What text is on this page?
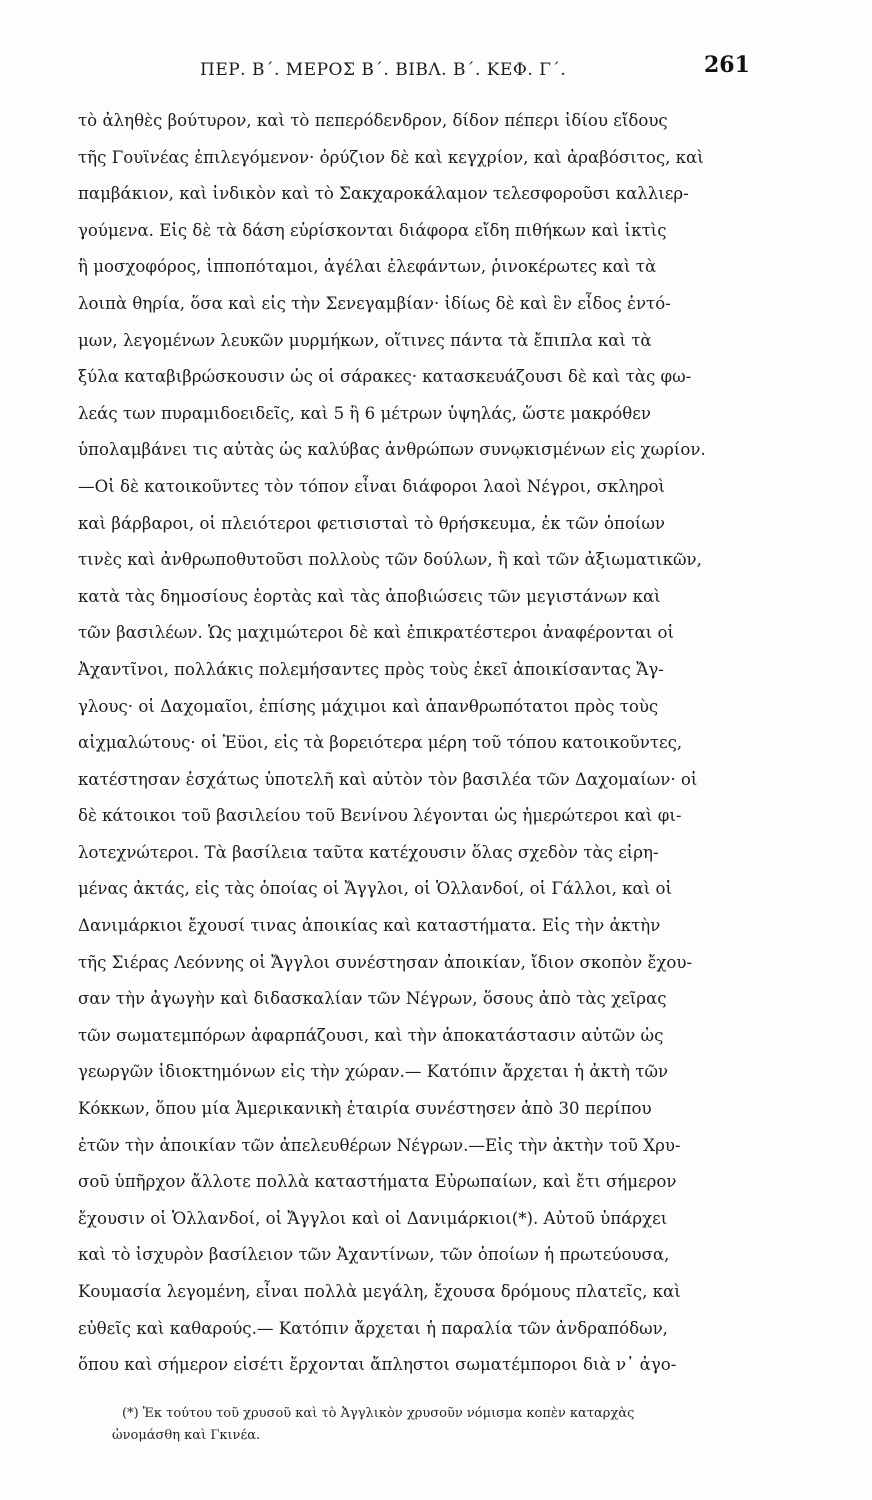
ΠΕΡ. Β΄. ΜΕΡΟΣ Β΄. ΒΙΒΛ. Β΄. ΚΕΦ. Γ΄.	261
τὸ ἀληθὲς βούτυρον, καὶ τὸ πεπερόδενδρον, δίδον πέπερι ἰδίου εἴδους
τῆς Γουϊνέας ἐπιλεγόμενον· ὀρύζιον δὲ καὶ κεγχρίον, καὶ ἀραβόσιτος, καὶ
παμβάκιον, καὶ ἰνδικὸν καὶ τὸ Σακχαροκάλαμον τελεσφοροῦσι καλλιερ-
γούμενα. Εἰς δὲ τὰ δάση εὑρίσκονται διάφορα εἴδη πιθήκων καὶ ἰκτὶς
ἢ μοσχοφόρος, ἱπποπόταμοι, ἀγέλαι ἐλεφάντων, ῥινοκέρωτες καὶ τὰ
λοιπὰ θηρία, ὅσα καὶ εἰς τὴν Σενεγαμβίαν· ἰδίως δὲ καὶ ἓν εἶδος ἐντό-
μων, λεγομένων λευκῶν μυρμήκων, οἵτινες πάντα τὰ ἔπιπλα καὶ τὰ
ξύλα καταβιβρώσκουσιν ὡς οἱ σάρακες· κατασκευάζουσι δὲ καὶ τὰς φω-
λεάς των πυραμιδοειδεῖς, καὶ 5 ἢ 6 μέτρων ὑψηλάς, ὥστε μακρόθεν
ὑπολαμβάνει τις αὐτὰς ὡς καλύβας ἀνθρώπων συνῳκισμένων εἰς χωρίον.
—Οἱ δὲ κατοικοῦντες τὸν τόπον εἶναι διάφοροι λαοὶ Νέγροι, σκληροὶ
καὶ βάρβαροι, οἱ πλειότεροι φετισισταὶ τὸ θρήσκευμα, ἐκ τῶν ὁποίων
τινὲς καὶ ἀνθρωποθυτοῦσι πολλοὺς τῶν δούλων, ἢ καὶ τῶν ἀξιωματικῶν,
κατὰ τὰς δημοσίους ἑορτὰς καὶ τὰς ἀποβιώσεις τῶν μεγιστάνων καὶ
τῶν βασιλέων. Ὡς μαχιμώτεροι δὲ καὶ ἐπικρατέστεροι ἀναφέρονται οἱ
Ἀχαντῖνοι, πολλάκις πολεμήσαντες πρὸς τοὺς ἐκεῖ ἀποικίσαντας Ἄγ-
γλους· οἱ Δαχομαῖοι, ἐπίσης μάχιμοι καὶ ἀπανθρωπότατοι πρὸς τοὺς
αἰχμαλώτους· οἱ Ἐϋοι, εἰς τὰ βορειότερα μέρη τοῦ τόπου κατοικοῦντες,
κατέστησαν ἐσχάτως ὑποτελῆ καὶ αὐτὸν τὸν βασιλέα τῶν Δαχομαίων· οἱ
δὲ κάτοικοι τοῦ βασιλείου τοῦ Βενίνου λέγονται ὡς ἡμερώτεροι καὶ φι-
λοτεχνώτεροι. Τὰ βασίλεια ταῦτα κατέχουσιν ὅλας σχεδὸν τὰς εἰρη-
μένας ἀκτάς, εἰς τὰς ὁποίας οἱ Ἄγγλοι, οἱ Ὁλλανδοί, οἱ Γάλλοι, καὶ οἱ
Δανιμάρκιοι ἔχουσί τινας ἀποικίας καὶ καταστήματα. Εἰς τὴν ἀκτὴν
τῆς Σιέρας Λεόννης οἱ Ἄγγλοι συνέστησαν ἀποικίαν, ἴδιον σκοπὸν ἔχου-
σαν τὴν ἀγωγὴν καὶ διδασκαλίαν τῶν Νέγρων, ὅσους ἀπὸ τὰς χεῖρας
τῶν σωματεμπόρων ἀφαρπάζουσι, καὶ τὴν ἀποκατάστασιν αὐτῶν ὡς
γεωργῶν ἰδιοκτημόνων εἰς τὴν χώραν.— Κατόπιν ἄρχεται ἡ ἀκτὴ τῶν
Κόκκων, ὅπου μία Ἀμερικανικὴ ἑταιρία συνέστησεν ἀπὸ 30 περίπου
ἐτῶν τὴν ἀποικίαν τῶν ἀπελευθέρων Νέγρων.—Εἰς τὴν ἀκτὴν τοῦ Χρυ-
σοῦ ὑπῆρχον ἄλλοτε πολλὰ καταστήματα Εὐρωπαίων, καὶ ἔτι σήμερον
ἔχουσιν οἱ Ὁλλανδοί, οἱ Ἄγγλοι καὶ οἱ Δανιμάρκιοι(*). Αὐτοῦ ὑπάρχει
καὶ τὸ ἰσχυρὸν βασίλειον τῶν Ἀχαντίνων, τῶν ὁποίων ἡ πρωτεύουσα,
Κουμασία λεγομένη, εἶναι πολλὰ μεγάλη, ἔχουσα δρόμους πλατεῖς, καὶ
εὐθεῖς καὶ καθαρούς.— Κατόπιν ἄρχεται ἡ παραλία τῶν ἀνδραπόδων,
ὅπου καὶ σήμερον εἰσέτι ἔρχονται ἄπληστοι σωματέμποροι διὰ ν᾽ ἀγο-
(*) Ἐκ τούτου τοῦ χρυσοῦ καὶ τὸ Ἀγγλικὸν χρυσοῦν νόμισμα κοπὲν καταρχὰς
ὠνομάσθη καὶ Γκινέα.
